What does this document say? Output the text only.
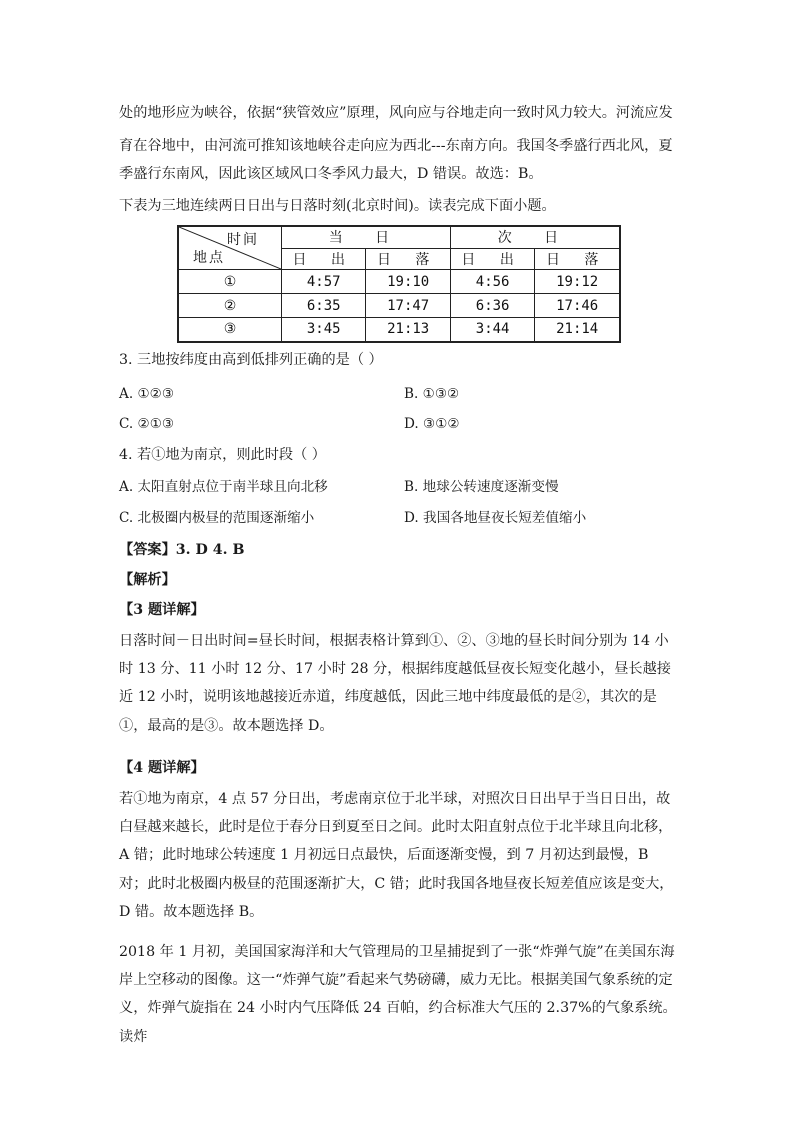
处的地形应为峡谷，依据“狭管效应”原理，风向应与谷地走向一致时风力较大。河流应发
育在谷地中，由河流可推知该地峡谷走向应为西北---东南方向。我国冬季盛行西北风，夏
季盛行东南风，因此该区域风口冬季风力最大，D 错误。故选：B。
下表为三地连续两日日出与日落时刻(北京时间)。读表完成下面小题。
时间
地点	当 日		次 日	
	日 出	日 落	日 出	日 落
①	4:57	19:10	4:56	19:12
②	6:35	17:47	6:36	17:46
③	3:45	21:13	3:44	21:14
3. 三地按纬度由高到低排列正确的是（ ）
A. ①②③	B. ①③②
C. ②①③	D. ③①②
4. 若①地为南京，则此时段（ ）
A. 太阳直射点位于南半球且向北移	B. 地球公转速度逐渐变慢
C. 北极圈内极昼的范围逐渐缩小	D. 我国各地昼夜长短差值缩小
【答案】3. D 4. B
【解析】
【3 题详解】
日落时间－日出时间=昼长时间，根据表格计算到①、②、③地的昼长时间分别为 14 小时 13 分、11 小时 12 分、17 小时 28 分，根据纬度越低昼夜长短变化越小，昼长越接近 12 小时，说明该地越接近赤道，纬度越低，因此三地中纬度最低的是②，其次的是①，最高的是③。故本题选择 D。
【4 题详解】
若①地为南京，4 点 57 分日出，考虑南京位于北半球，对照次日日出早于当日日出，故白昼越来越长，此时是位于春分日到夏至日之间。此时太阳直射点位于北半球且向北移，A 错；此时地球公转速度 1 月初远日点最快，后面逐渐变慢，到 7 月初达到最慢，B 对；此时北极圈内极昼的范围逐渐扩大，C 错；此时我国各地昼夜长短差值应该是变大，D 错。故本题选择 B。
2018 年 1 月初，美国国家海洋和大气管理局的卫星捕捉到了一张“炸弹气旋”在美国东海岸上空移动的图像。这一“炸弹气旋”看起来气势磅礴，威力无比。根据美国气象系统的定义，炸弹气旋指在 24 小时内气压降低 24 百帕，约合标准大气压的 2.37%的气象系统。读炸
